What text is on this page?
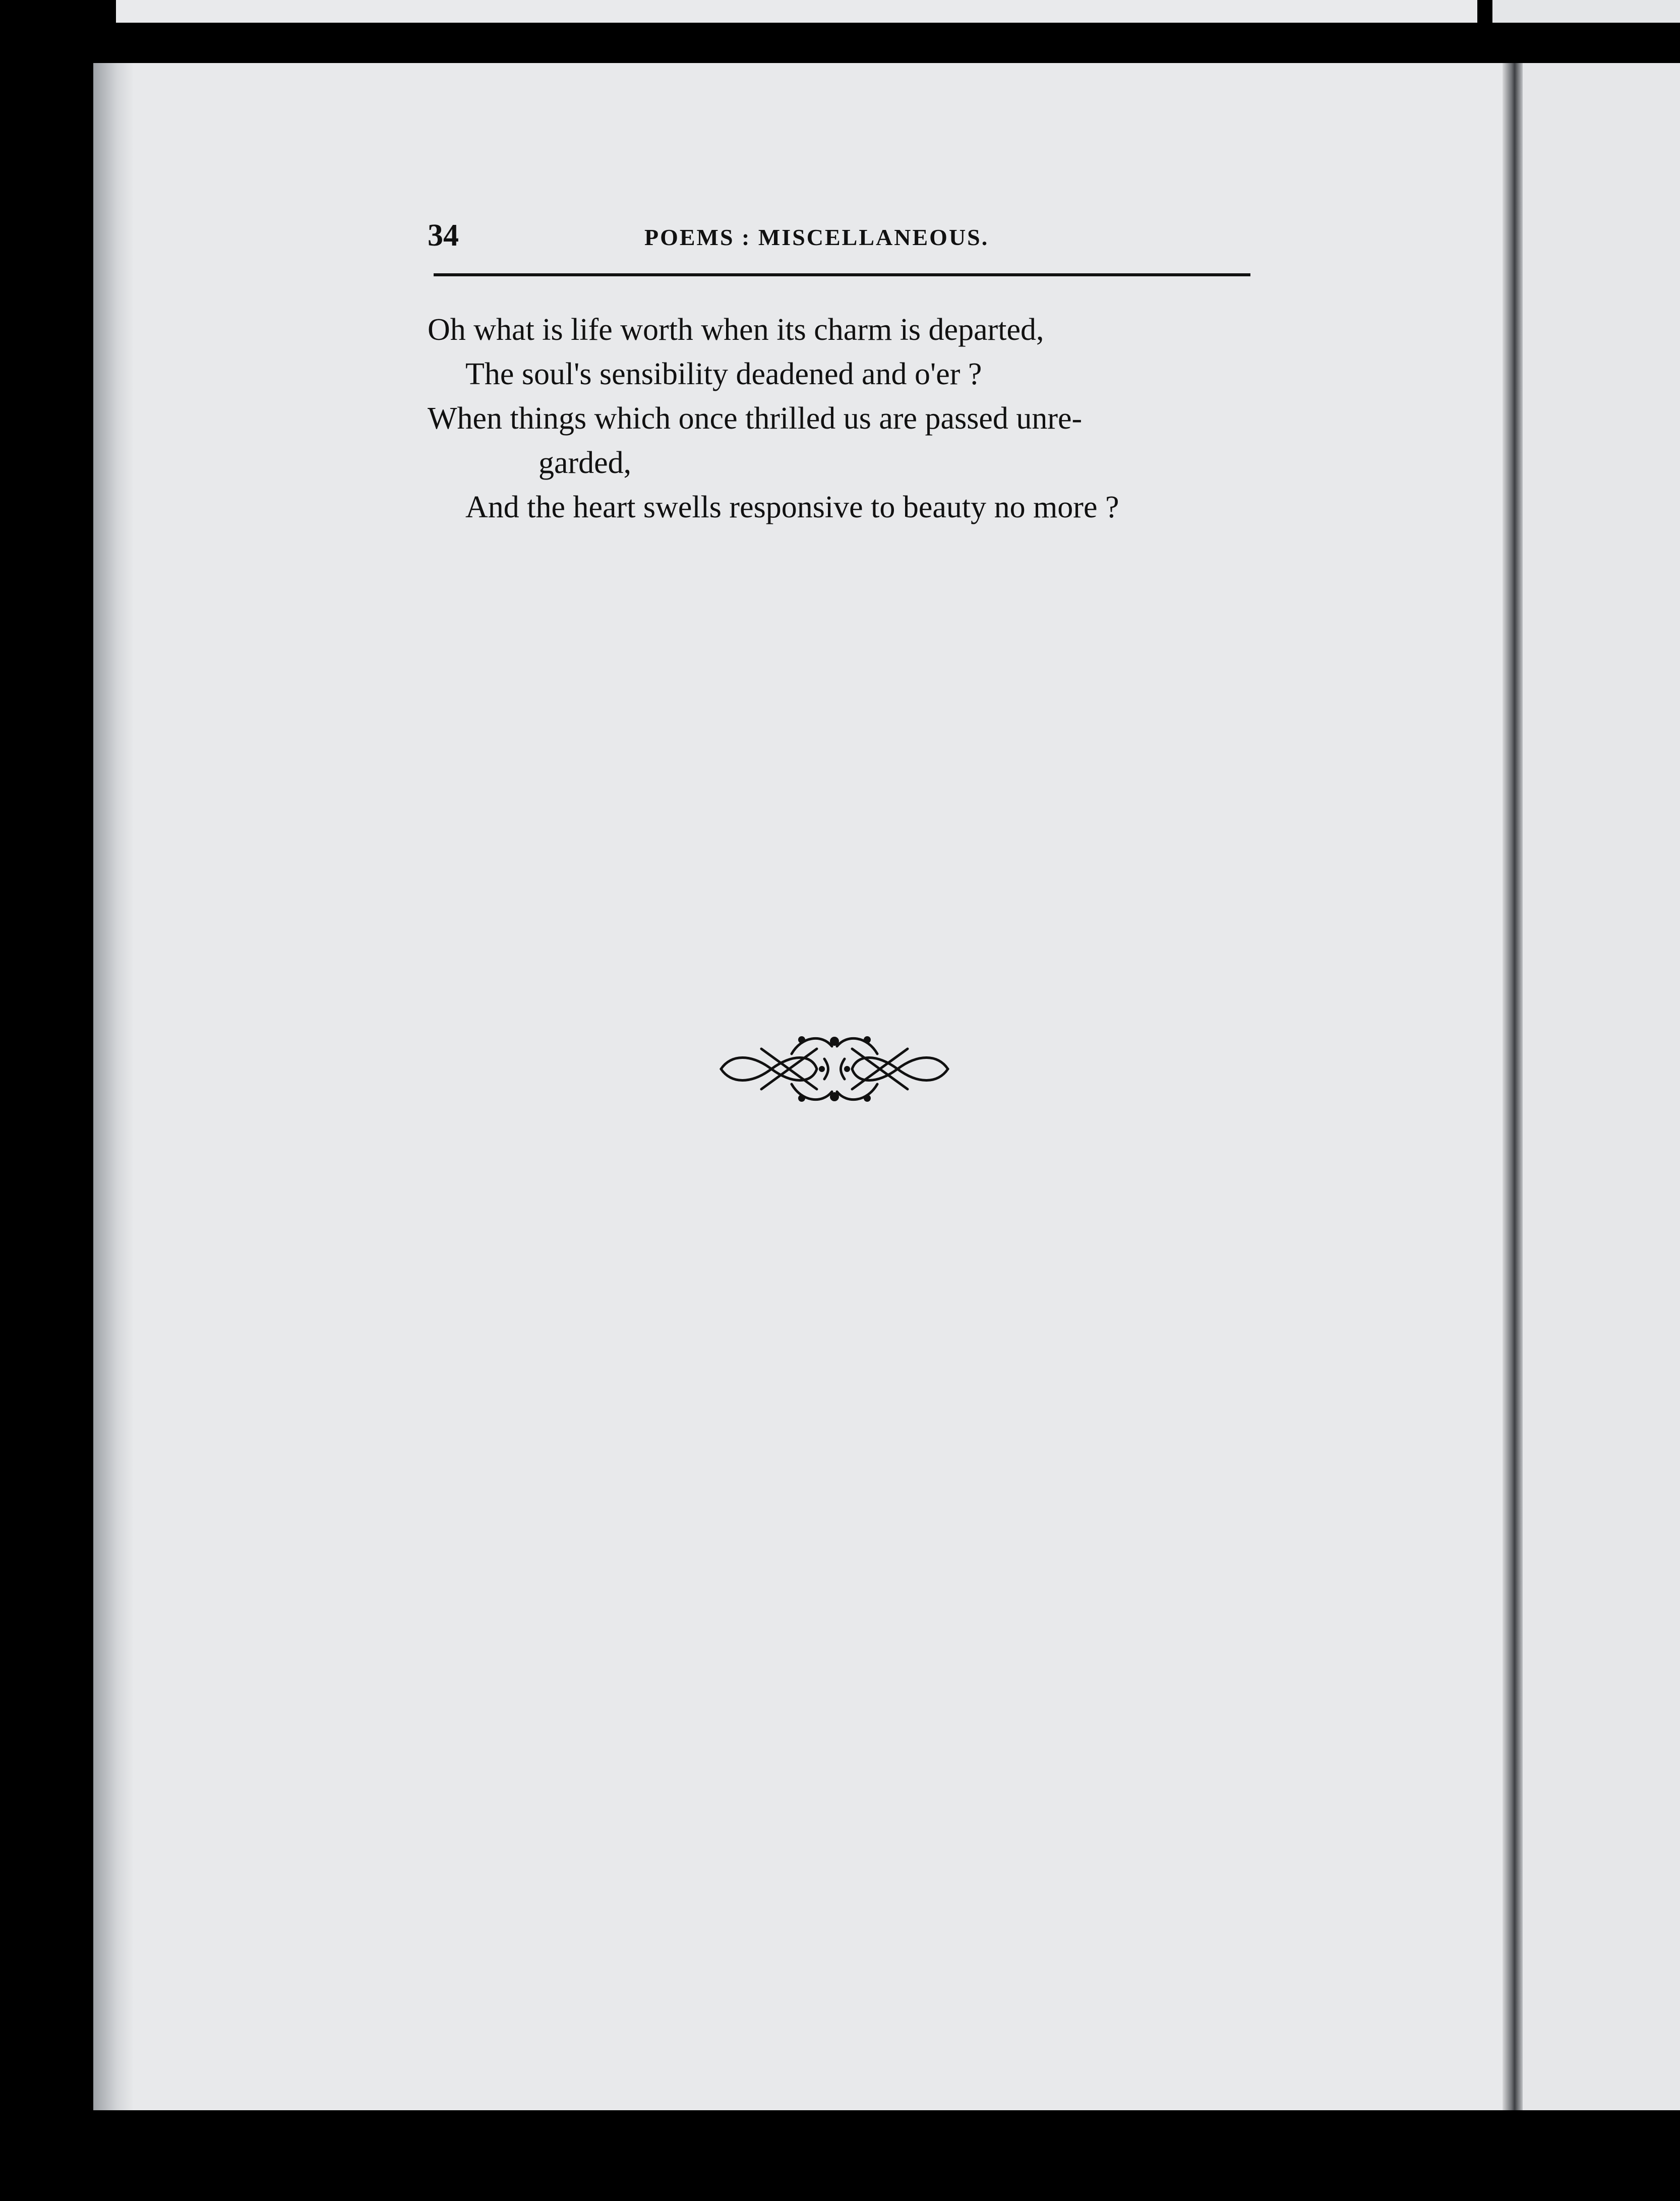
34	POEMS : MISCELLANEOUS.
Oh what is life worth when its charm is departed,
The soul's sensibility deadened and o'er ?
When things which once thrilled us are passed unre-
garded,
And the heart swells responsive to beauty no more ?
